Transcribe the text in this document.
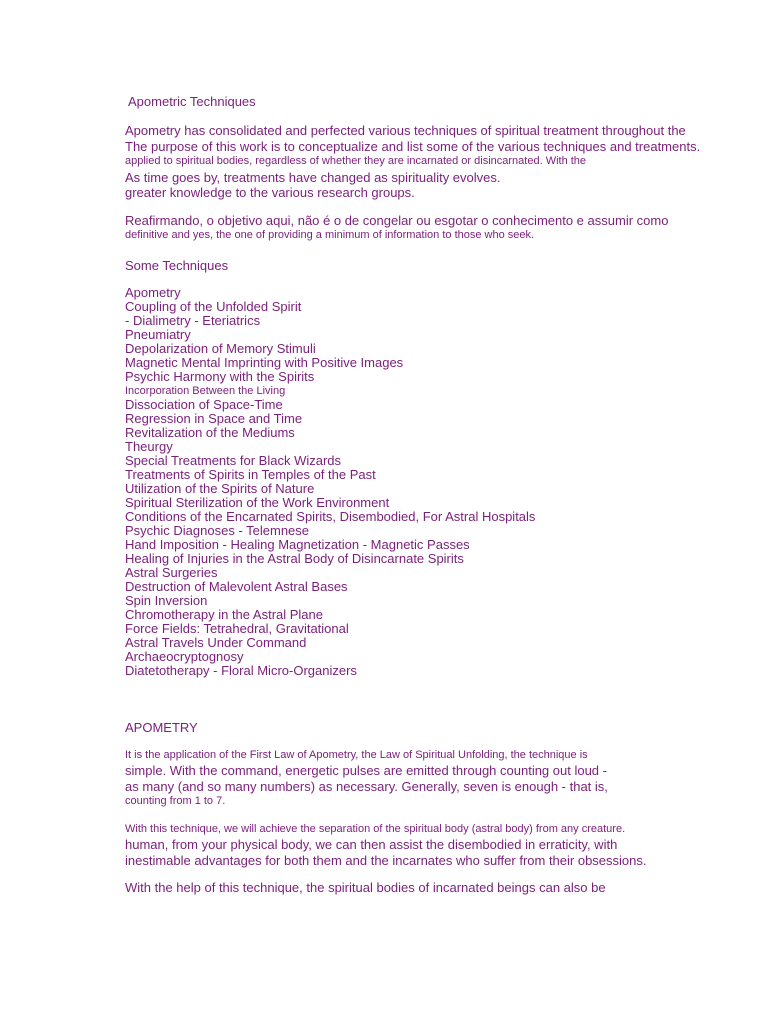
Apometric Techniques
Apometry has consolidated and perfected various techniques of spiritual treatment throughout the
The purpose of this work is to conceptualize and list some of the various techniques and treatments.
applied to spiritual bodies, regardless of whether they are incarnated or disincarnated. With the
As time goes by, treatments have changed as spirituality evolves.
greater knowledge to the various research groups.
Reafirmando, o objetivo aqui, não é o de congelar ou esgotar o conhecimento e assumir como
definitive and yes, the one of providing a minimum of information to those who seek.
Some Techniques
Apometry
Coupling of the Unfolded Spirit
- Dialimetry - Eteriatrics
Pneumiatry
Depolarization of Memory Stimuli
Magnetic Mental Imprinting with Positive Images
Psychic Harmony with the Spirits
Incorporation Between the Living
Dissociation of Space-Time
Regression in Space and Time
Revitalization of the Mediums
Theurgy
Special Treatments for Black Wizards
Treatments of Spirits in Temples of the Past
Utilization of the Spirits of Nature
Spiritual Sterilization of the Work Environment
Conditions of the Encarnated Spirits, Disembodied, For Astral Hospitals
Psychic Diagnoses - Telemnese
Hand Imposition - Healing Magnetization - Magnetic Passes
Healing of Injuries in the Astral Body of Disincarnate Spirits
Astral Surgeries
Destruction of Malevolent Astral Bases
Spin Inversion
Chromotherapy in the Astral Plane
Force Fields: Tetrahedral, Gravitational
Astral Travels Under Command
Archaeocryptognosy
Diatetotherapy - Floral Micro-Organizers
APOMETRY
It is the application of the First Law of Apometry, the Law of Spiritual Unfolding, the technique is
simple. With the command, energetic pulses are emitted through counting out loud -
as many (and so many numbers) as necessary. Generally, seven is enough - that is,
counting from 1 to 7.
With this technique, we will achieve the separation of the spiritual body (astral body) from any creature.
human, from your physical body, we can then assist the disembodied in erraticity, with
inestimable advantages for both them and the incarnates who suffer from their obsessions.
With the help of this technique, the spiritual bodies of incarnated beings can also be
